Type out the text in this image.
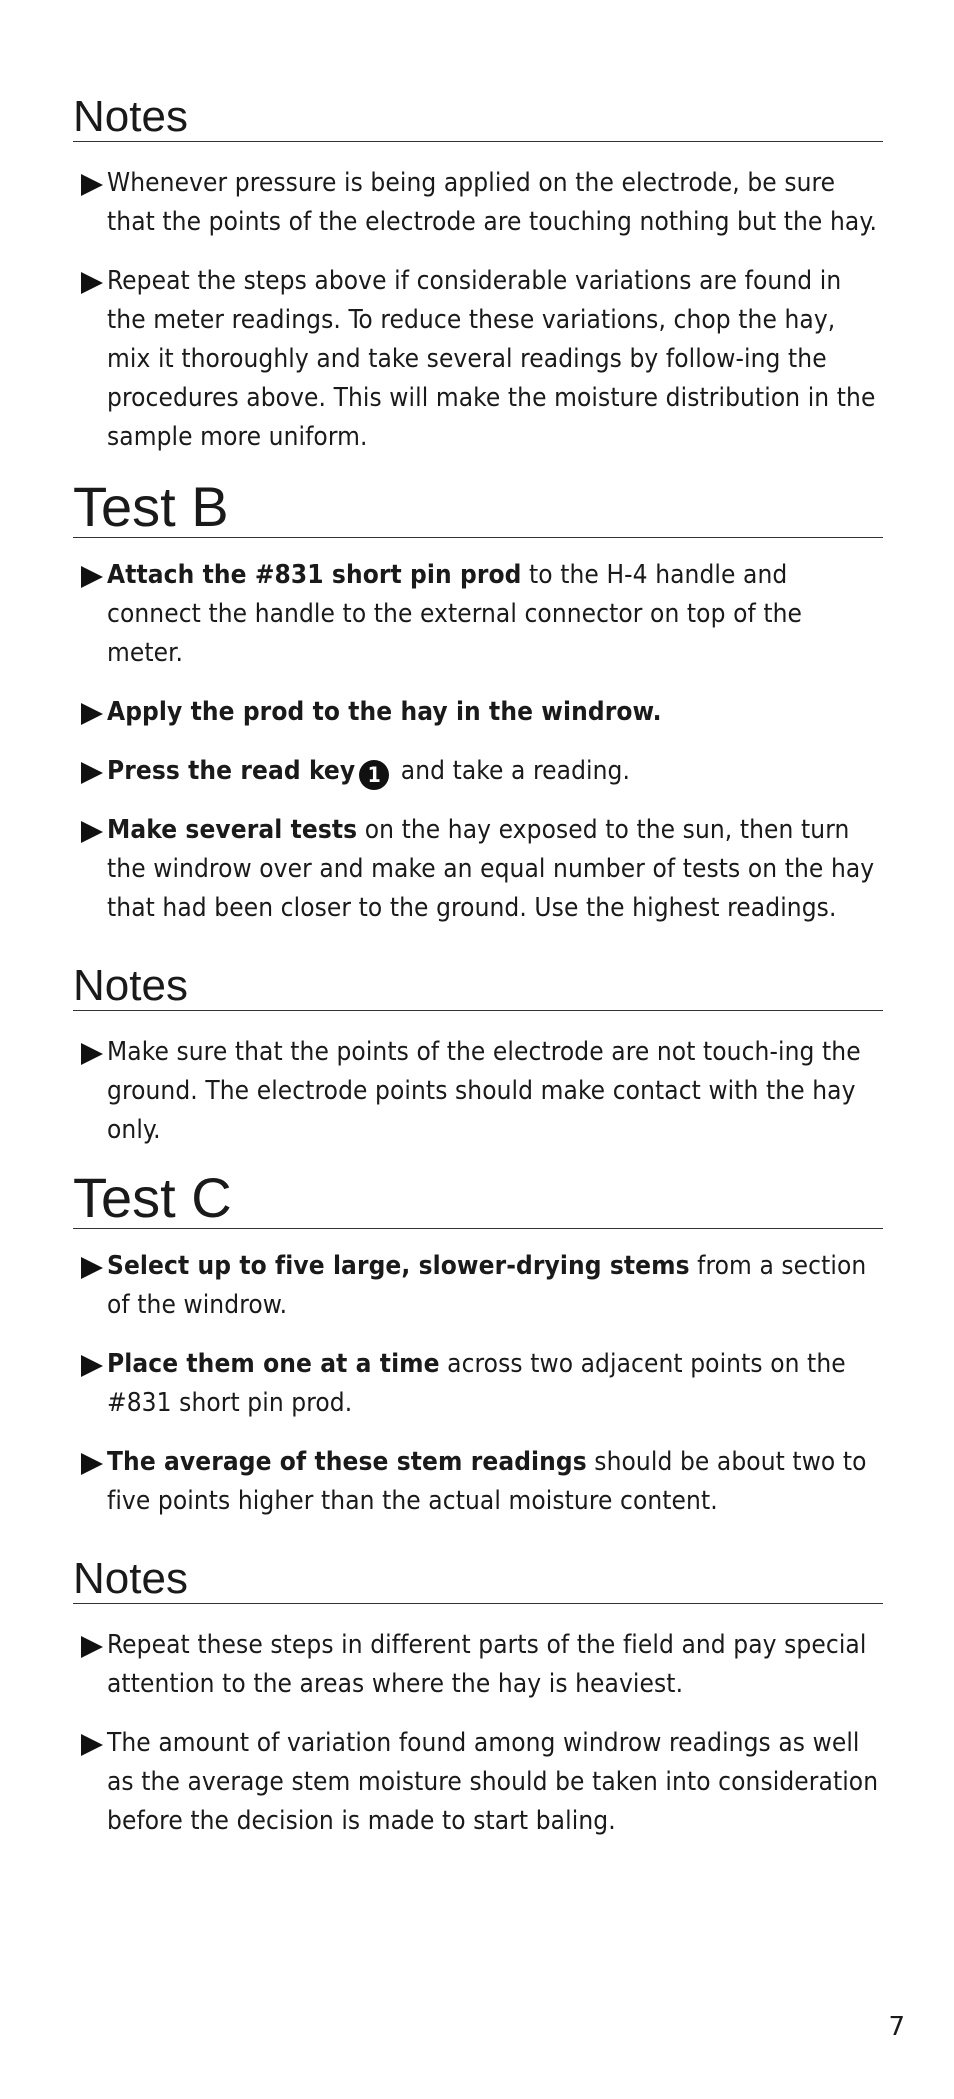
Notes
Whenever pressure is being applied on the electrode, be sure that the points of the electrode are touching nothing but the hay.
Repeat the steps above if considerable variations are found in the meter readings. To reduce these variations, chop the hay, mix it thoroughly and take several readings by follow-ing the procedures above. This will make the moisture distribution in the sample more uniform.
Test B
Attach the #831 short pin prod to the H-4 handle and connect the handle to the external connector on top of the meter.
Apply the prod to the hay in the windrow.
Press the read key 1 and take a reading.
Make several tests on the hay exposed to the sun, then turn the windrow over and make an equal number of tests on the hay that had been closer to the ground. Use the highest readings.
Notes
Make sure that the points of the electrode are not touch-ing the ground. The electrode points should make contact with the hay only.
Test C
Select up to five large, slower-drying stems from a section of the windrow.
Place them one at a time across two adjacent points on the #831 short pin prod.
The average of these stem readings should be about two to five points higher than the actual moisture content.
Notes
Repeat these steps in different parts of the field and pay special attention to the areas where the hay is heaviest.
The amount of variation found among windrow readings as well as the average stem moisture should be taken into consideration before the decision is made to start baling.
7
